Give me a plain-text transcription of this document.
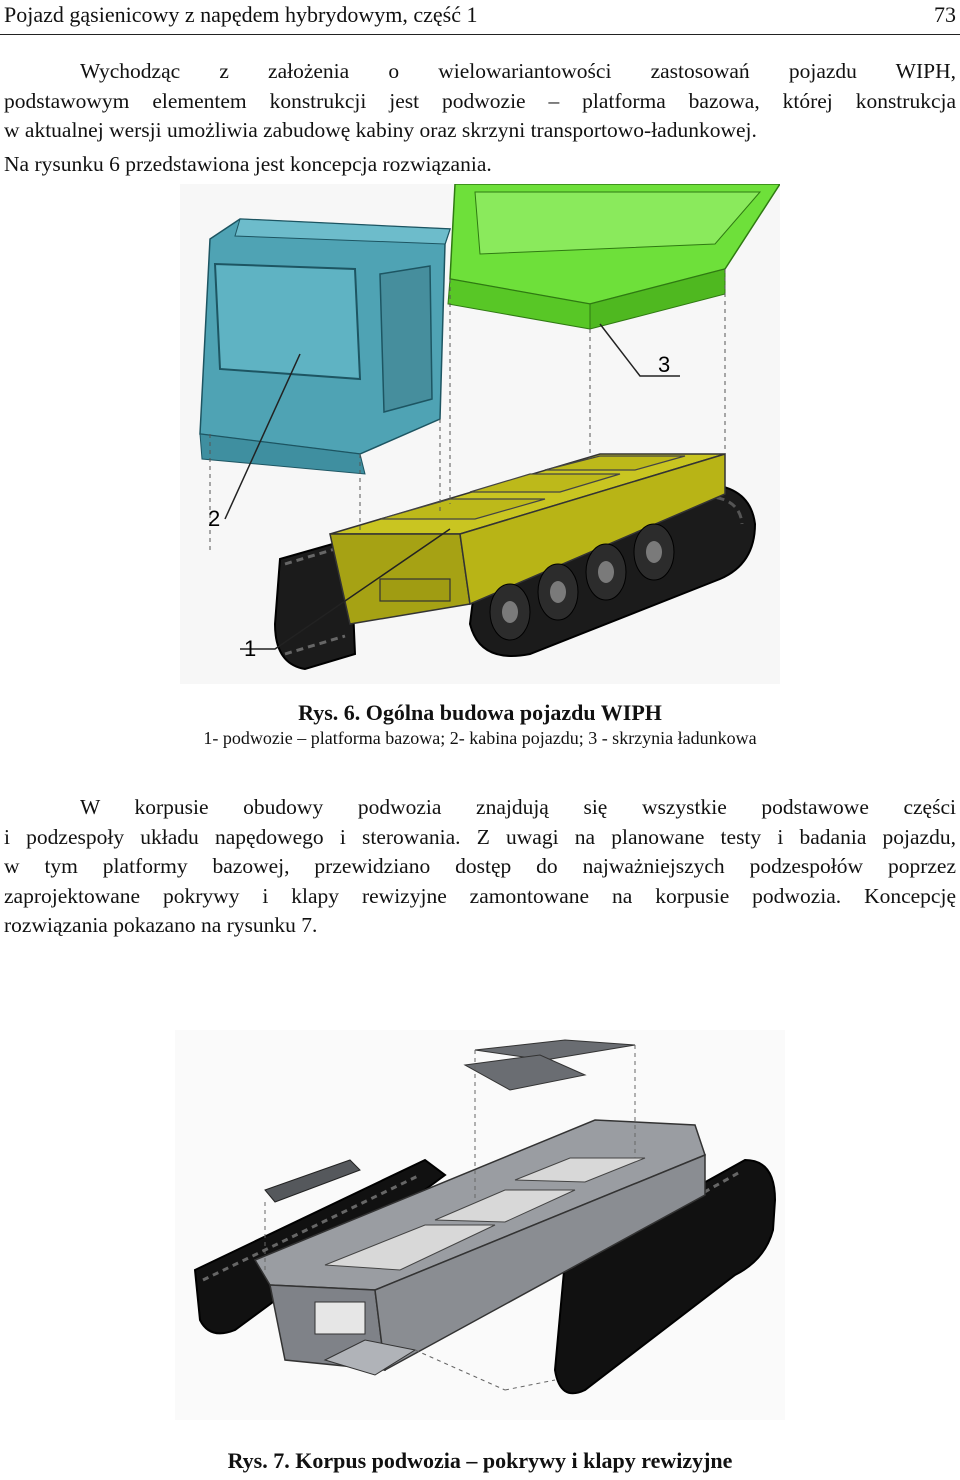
Pojazd gąsienicowy z napędem hybrydowym, część 1	73
Wychodząc z założenia o wielowariantowości zastosowań pojazdu WIPH,
podstawowym elementem konstrukcji jest podwozie – platforma bazowa, której konstrukcja
w aktualnej wersji umożliwia zabudowę kabiny oraz skrzyni transportowo-ładunkowej.
Na rysunku 6 przedstawiona jest koncepcja rozwiązania.
1
2
3
Rys. 6. Ogólna budowa pojazdu WIPH
1- podwozie – platforma bazowa; 2- kabina pojazdu; 3 - skrzynia ładunkowa
W korpusie obudowy podwozia znajdują się wszystkie podstawowe części
i podzespoły układu napędowego i sterowania. Z uwagi na planowane testy i badania pojazdu,
w tym platformy bazowej, przewidziano dostęp do najważniejszych podzespołów poprzez
zaprojektowane pokrywy i klapy rewizyjne zamontowane na korpusie podwozia. Koncepcję
rozwiązania pokazano na rysunku 7.
Rys. 7. Korpus podwozia – pokrywy i klapy rewizyjne
